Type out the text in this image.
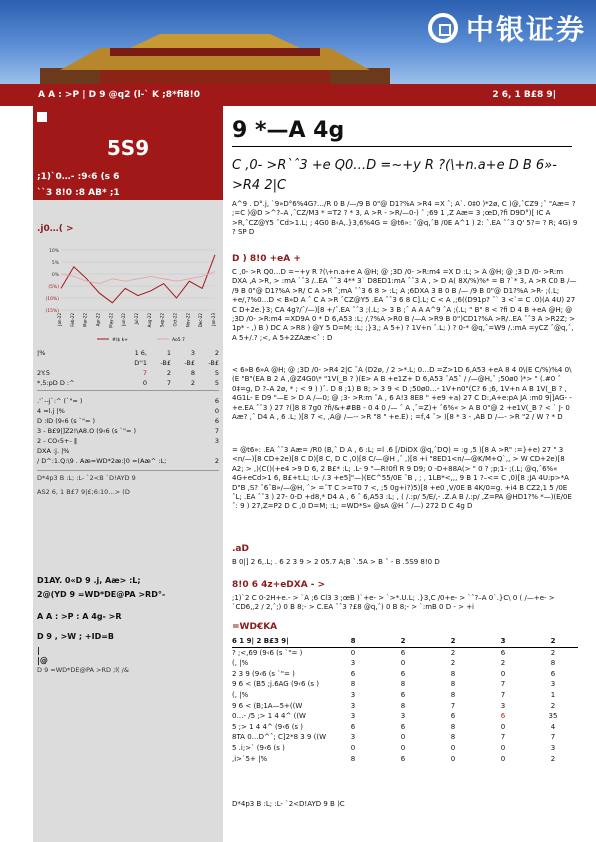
中银证券
A A : >P | D 9 @q2 (l-` K ;8*fi8!0	2 6, 1 B£8 9|
5S9
;1)`0…- :9‹6 (s 6
``3 8!0 :8 AB* ;1
.j0…( >
10%
5%
0%
(5%)
(10%)
(15%)
Jan-22 Feb-22 Mar-22 Apr-22 May-22 Jun-22 Jul-22 Aug-22 Sep-22 Oct-22 Nov-22 Dec-22 Jan-23
#\$ k+	Ao5 7
|%	1 6,	1	3	2
D''1	-B£	-B£	-B£
2Y.5	7	2	8	5
*,5:pD D :^	0	7	2	5
.'`--j`:^ (`"= )	6
4 =l.j |%	0
D :ID (9‹6 (s `"= )	6
3 - B£9|]Z2!\A8.O (9‹6 (s `"= )	7
2 - CO‹5+- ‖	3
DXA :j. |%
/ D^:1.Q:\9 . Aæ=WD*2æ:|0 =(Aæ^ :L;	2
D*4p3 B :L; :L- `2<B `D!AYD 9
AS2 6, 1 B£7 9|£;6:10…> (D
D1AY. 0«D 9 .j, Aæ> :L;
2@(YD 9 =WD*DE@PA >RD°-
A A : >P : A 4g- >R
D 9 , >W ; +ID=B
|
|@
D 9 =WD*DE@PA >RD ;l( /&
9 *—A 4g
C ,0- >R`ˆ3 +e Q0…D =~+y R ?(\+n.a+e D B 6»- >R4 2|C
A^9 . D°.j, `9»D°6%4G?…/R 0 B /—/9 B 0"@ D1?%A >R4 =X ˆ; A`. 0‡0 )*2ø, C )@,ˆCZ9 ;ˆ "Aæ= ? ;=C )@D >^?–A ,ˆCZ/M3 * =T2 ? * 3, A >R - >R/—0-) ˆ ;69 1 ,Z Aæ= 3 ;œD,?fi D9D°)[ IC A >R,ˆCZ@Y5 ˆCd>1.L; ; 4G0 B‹A,.}3,6%4G = @t6»: ˆ@q,ˆB /0E A^1 ) 2: ˆ.EA ˆˆ3 Q' 5?= ? R; 4G) 9 ? SP D
D ) 8!0 +eA +
C ,0- >R Q0…D =~+y R ?(\+n.a+e A @H; @ ;3D /0- >R:m4 =X D :L; > A @H; @ ;3 D /0- >R:m DXA ,A >R, > :mA `ˆ3 /..EA ˆˆ3 4** 3` D8ED1:mA ˆˆ3 A , > D A( 8X/%)%* = B ?`* 3, A >R C0 B /— /9 B 0"@ D1?%A >R/ C A >R ˆ;mA ˆˆ3 6 8 > :L; A ;6DXA 3 B 0 B /— /9 B 0"@ D1?%A >R- ;(.L; +e/,?%0…D < B»D A ˆ C A >R ˆCZ@Y5 .EA ˆˆ3 6 8 C].L; C < A ,;6((D91p? ˆ` 3 <`= C .0)(A 4U) 27 C D+2e.}3; CA 4g?/ˆ/—)[8 +/ˆ.EA ˆˆ3 ;(.L; > 3 B ;ˆ A A A^9 ˆA ;(.L; " B" 8 < ?fi D 4 B +eA @H; @ ;3D /0- >R:m4 =XD9A 0 * D 6,A53 :L; /,?%A >R0 B /—A >R9 B 0")CD1?%A >R/..EA ˆˆ3 A >R2Z; > 1p* - ,) B ) DC A >R8 ) @Y 5 D=M; :L; ;}3,; A 5+) ? 1V+n ˆ.L; ) ? 0-* @q,ˆ=W9 /.:mA =yCZ ˆ@q,ˆ, A 5+/.? ;<, A 5+2ZAæ<ˆ : D
< 6»B 6»A @H; @ ;3D /0- >R4 2|C ˆA (D2ø, / 2 >*.L; 0…D =Z>1D 6,A53 +eA 8 4 0\(E C/%)%4 0\(E "B"(EA B 2 A ,@Z4G0\* "1V(_B ? )(E> A B +e1Z+ D 6,A53 ˆA5ˆ / /—@H,ˆ ;50ø0 )*> " (.#0 ˆ 0‡=g, D ?–A 2ø, * ; < 9 ) )ˆ. D 8 ;1) B 8; > 3 9 < D ;50ø0…- 1V+n0"(C? 6 ;6, 1V+n A B 1V(_B ? , 4G1L- E D9 "—E > D A /—0; @ ;3- >R:m ˆA , 6 A!3 8E8 " +e9 +a) 27 C D:,A+e:pA JA :m0 9|]AG- - +e.EA ˆˆ3 ) 27 ?(]8 8 7g0 ?fi/&+#BB - 0 4 0 /— ˆ A ,ˆ=Z)+ ˆ6%« > A B 0"@ 2 +e1V(_B ? < ` J- 0 Aæ? ,ˆ D4 A , 6 .L; )[8 7 <, ,A@ /—-- >R "8 " +e.E) ; =f,4 ˆ> )[8 * 3 - ,AB D /—- >R "2 / W ? * D
= @t6»: .EA ˆˆ3 Aæ= /R0 (B,ˆ D A , 6 :L; =l .6 [/DiDX @q,ˆDQ) = :g ,5 )[8 A >R" :=}+e) 27 " 3 <n/—)[8 CD+2e)[8 C D)[8 C, D C ,0)[8 C/—@H ,ˆ ,)[8 +i "8ED1<n/—@K/M+Q`,, > W CD+2e)[8 A2; > ,)(C()(+e4 >9 D 6, 2 B£* :L; .L- 9 "—R!0fl R 9 D9; 0 -D+88A(> " 0 ? ;p;1- ;(.L; @q,ˆ6%« 4G+eCd>1 6, B£+t.L; :L- /.3 +e5]"—)(EC^55/0E ˆB , ; , 1LB*<,,, 9 B 1 ?–<= C ,0)[8 ;JA 4U:p>*A D"B ,S? ˆ6ˆB»/—@H, ˆ> =ˆT C >=T0 7 <, ;5 0g+i?)5)[8 +e0 ,V/0E B 4K/0=g. +i4 B CZ2,1 5 /0E ˆL; .EA ˆˆ3 ) 27- 0-D +d8,* D4 A , 6 ˆ 6,A53 :L; , ( /.:p/ 5/E/,- .Z.A B /.:p/ ,Z=PA @HD1?% *—)(E/0E ˆ: 9 ) 27,Z=P2 D C ,0 D=M; :L; =WD*S» @sA @H ˆ /—) 272 D C 4g D
.aD
B 0|] 2 6,.L; . 6 2 3 9 > 2 05.7 A;B `.5A > B ˆ - B .5S9 8!0 D
8!0 6 4z+eDXA - >
;1)`2 C 0-2H+e.- > `A ;6 Cl3 3 ;œB )`+e- > `>*.U.L; .}3,C /0+e- > `ˆ?–A 0`.}C\ 0 ( /—+e- > `CD6,,2 / 2,ˆ;) 0 B 8;- > C.EA ˆˆ3 ?£8 @q,ˆ) 0 B 8;- > `:mB 0 D - > +i
=WD€KA
6 1 9| 2 B£3 9|	8	2	2	3	2
? ;<,69 (9‹6 (s `"= )	0	6	2	6	2
(, |%	3	0	2	2	8
2 3 9 (9‹6 (s `"= )	6	6	8	0	6
9 6 < (B5 ;j.6AG (9‹6 (s )	8	8	8	7	3
(, |%	3	6	8	7	1
9 6 < (B;1A—5+((W	3	8	7	3	2
0…- /5 ;> 1 4 4^ ((W	3	3	6	6	35
5 ;> 1 4 4^ (9‹6 (s )	6	6	8	0	4
8TA 0…D^ˆ; C]2*8 3 9 ((W	3	0	8	7	7
5 .i;>` (9‹6 (s )	0	0	0	0	3
,i>`5+ |%	8	6	0	0	2
D*4p3 B :L; :L- `2<D!AYD 9 B )C
